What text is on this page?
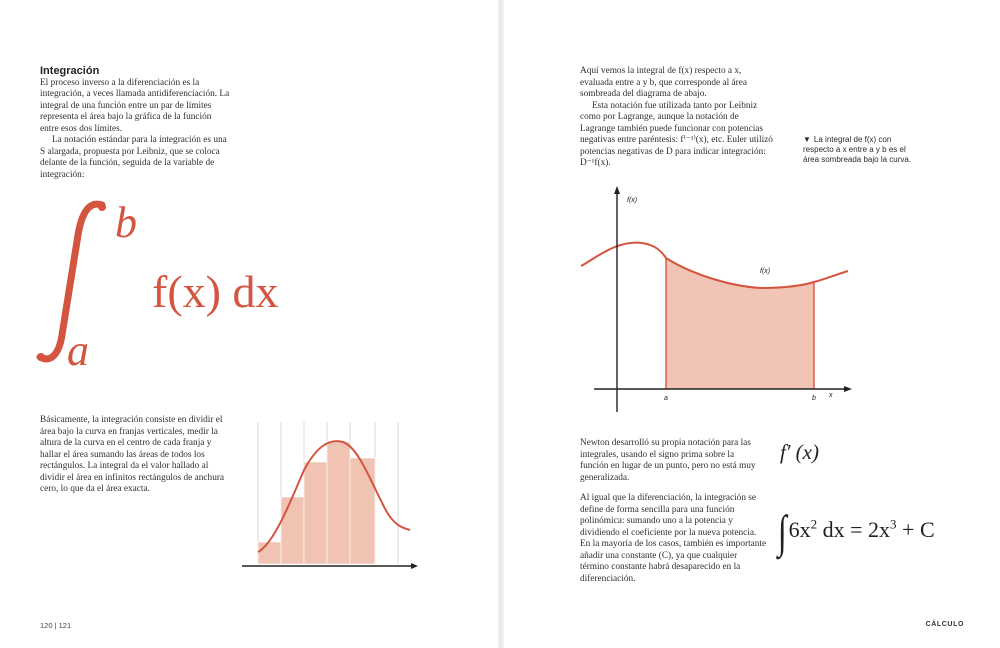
Integración

El proceso inverso a la diferenciación es la integración, a veces llamada antidiferenciación. La integral de una función entre un par de límites representa el área bajo la gráfica de la función entre esos dos límites.

La notación estándar para la integración es una S alargada, propuesta por Leibniz, que se coloca delante de la función, seguida de la variable de integración:

b
a
f(x) dx

Básicamente, la integración consiste en dividir el área bajo la curva en franjas verticales, medir la altura de la curva en el centro de cada franja y hallar el área sumando las áreas de todos los rectángulos. La integral da el valor hallado al dividir el área en infinitos rectángulos de anchura cero, lo que da el área exacta.

120 | 121

Aquí vemos la integral de f(x) respecto a x, evaluada entre a y b, que corresponde al área sombreada del diagrama de abajo.

Esta notación fue utilizada tanto por Leibniz como por Lagrange, aunque la notación de Lagrange también puede funcionar con potencias negativas entre paréntesis: f⁽⁻¹⁾(x), etc. Euler utilizó potencias negativas de D para indicar integración: D⁻¹f(x).

▼ La integral de f(x) con respecto a x entre a y b es el área sombreada bajo la curva.
f(x)
f(x)
a	b x

Newton desarrolló su propia notación para las integrales, usando el signo prima sobre la función en lugar de un punto, pero no está muy generalizada.

f′ (x)

Al igual que la diferenciación, la integración se define de forma sencilla para una función polinómica: sumando uno a la potencia y dividiendo el coeficiente por la nueva potencia. En la mayoría de los casos, también es importante añadir una constante (C), ya que cualquier término constante habrá desaparecido en la diferenciación.

$\int 6x^2$ dx = $2x^3 + C$
CÁLCULO
